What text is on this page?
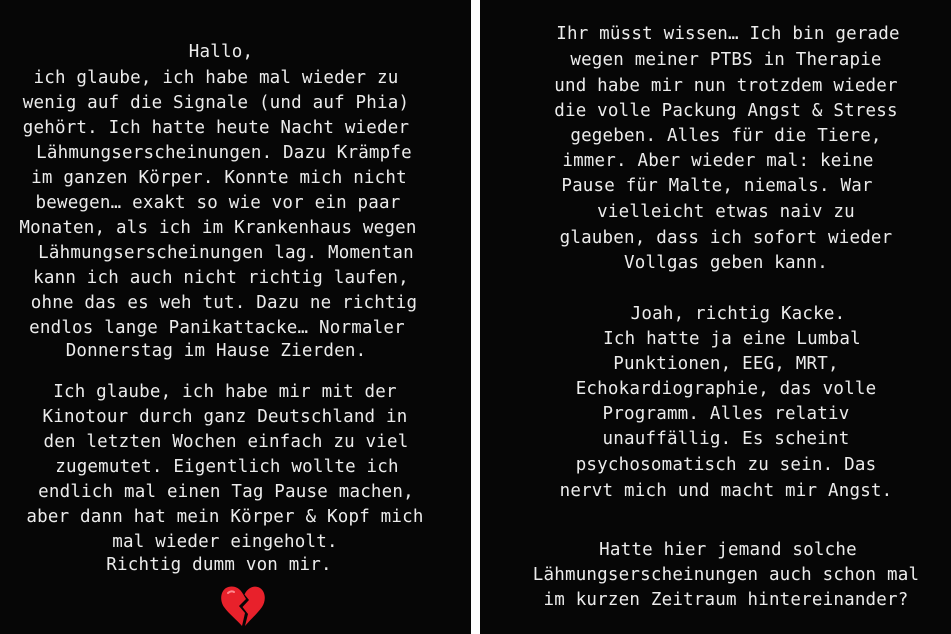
Hallo,
ich glaube, ich habe mal wieder zu
wenig auf die Signale (und auf Phia)
gehört. Ich hatte heute Nacht wieder
Lähmungserscheinungen. Dazu Krämpfe
im ganzen Körper. Konnte mich nicht
bewegen… exakt so wie vor ein paar
Monaten, als ich im Krankenhaus wegen
Lähmungserscheinungen lag. Momentan
kann ich auch nicht richtig laufen,
ohne das es weh tut. Dazu ne richtig
endlos lange Panikattacke… Normaler
Donnerstag im Hause Zierden.
Ich glaube, ich habe mir mit der
Kinotour durch ganz Deutschland in
den letzten Wochen einfach zu viel
zugemutet. Eigentlich wollte ich
endlich mal einen Tag Pause machen,
aber dann hat mein Körper & Kopf mich
mal wieder eingeholt.
Richtig dumm von mir.
Ihr müsst wissen… Ich bin gerade
wegen meiner PTBS in Therapie
und habe mir nun trotzdem wieder
die volle Packung Angst & Stress
gegeben. Alles für die Tiere,
immer. Aber wieder mal: keine
Pause für Malte, niemals. War
vielleicht etwas naiv zu
glauben, dass ich sofort wieder
Vollgas geben kann.
Joah, richtig Kacke.
Ich hatte ja eine Lumbal
Punktionen, EEG, MRT,
Echokardiographie, das volle
Programm. Alles relativ
unauffällig. Es scheint
psychosomatisch zu sein. Das
nervt mich und macht mir Angst.
Hatte hier jemand solche
Lähmungserscheinungen auch schon mal
im kurzen Zeitraum hintereinander?
